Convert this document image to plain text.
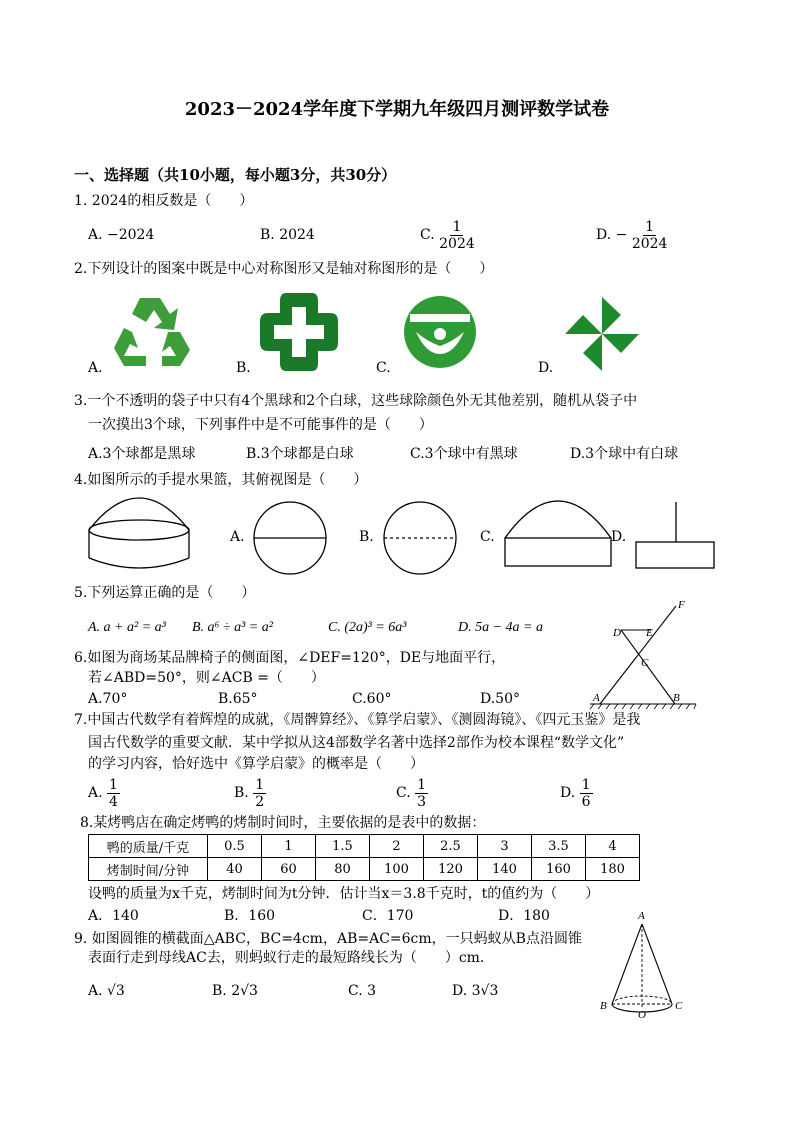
2023－2024学年度下学期九年级四月测评数学试卷
一、选择题（共10小题，每小题3分，共30分）
1. 2024的相反数是（　　）
A. −2024	B. 2024	C. $\frac{1}{2024}$	D. − $\frac{1}{2024}$
2.下列设计的图案中既是中心对称图形又是轴对称图形的是（　　）
A.	B.	C.	D.
3.一个不透明的袋子中只有4个黑球和2个白球，这些球除颜色外无其他差别，随机从袋子中
一次摸出3个球，下列事件中是不可能事件的是（　　）
A.3个球都是黑球	B.3个球都是白球	C.3个球中有黑球	D.3个球中有白球
4.如图所示的手提水果篮，其俯视图是（　　）
A.	B.	C.	D.
5.下列运算正确的是（　　）
A. a + a² = a³ B. a⁶ ÷ a³ = a²	C. (2a)³ = 6a³	D. 5a − 4a = a
F
D E
C
A	B
6.如图为商场某品牌椅子的侧面图，∠DEF=120°，DE与地面平行，
若∠ABD=50°，则∠ACB =（　　）
A.70°	B.65°	C.60°	D.50°
7.中国古代数学有着辉煌的成就，《周髀算经》、《算学启蒙》、《测圆海镜》、《四元玉鉴》是我
国古代数学的重要文献．某中学拟从这4部数学名著中选择2部作为校本课程“数学文化”
的学习内容，恰好选中《算学启蒙》的概率是（　　）
A. $\frac{1}{4}$	B. $\frac{1}{2}$	C. $\frac{1}{3}$	D. $\frac{1}{6}$
8.某烤鸭店在确定烤鸭的烤制时间时，主要依据的是表中的数据：
鸭的质量/千克	0.5	1	1.5	2	2.5	3	3.5	4
烤制时间/分钟	40	60	80	100	120	140	160	180
设鸭的质量为x千克，烤制时间为t分钟．估计当x＝3.8千克时，t的值约为（　　）
A．140	B．160	C．170	D．180
9. 如图圆锥的横截面△ABC，BC=4cm，AB=AC=6cm，一只蚂蚁从B点沿圆锥
表面行走到母线AC去，则蚂蚁行走的最短路线长为（　　）cm.
A. √3	B. 2√3	C. 3	D. 3√3
A
B
O
C
